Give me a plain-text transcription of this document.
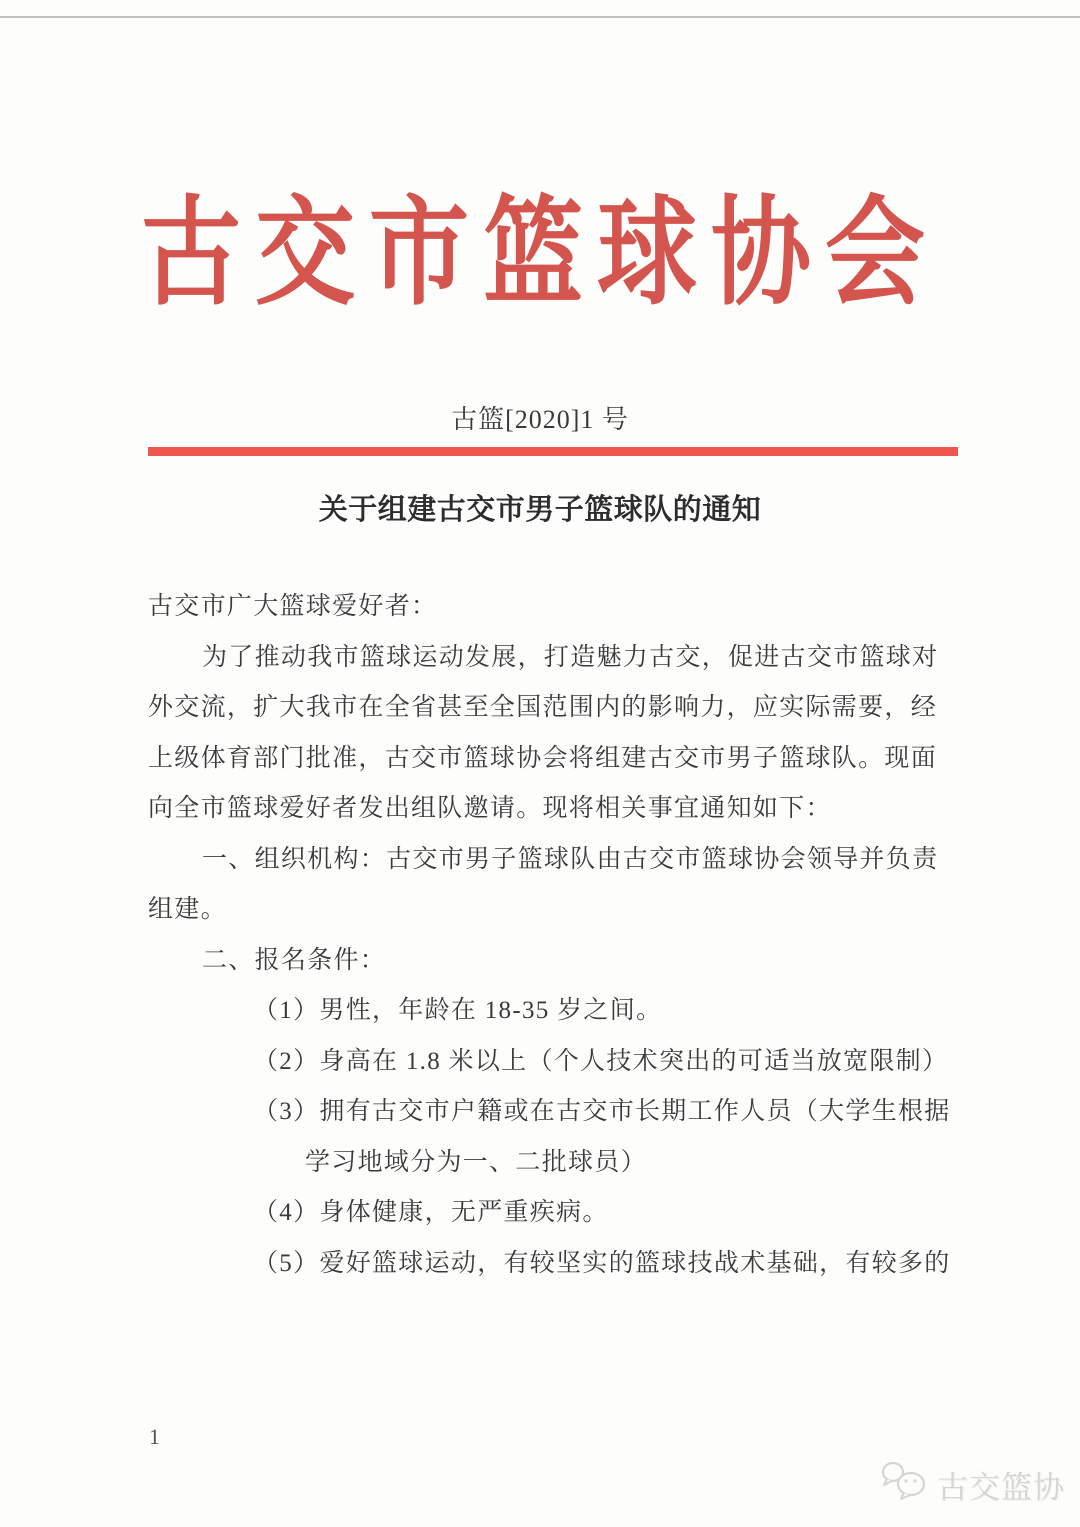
古交市篮球协会
古篮[2020]1 号
关于组建古交市男子篮球队的通知
古交市广大篮球爱好者：
为了推动我市篮球运动发展，打造魅力古交，促进古交市篮球对
外交流，扩大我市在全省甚至全国范围内的影响力，应实际需要，经
上级体育部门批准，古交市篮球协会将组建古交市男子篮球队。现面
向全市篮球爱好者发出组队邀请。现将相关事宜通知如下：
一、组织机构：古交市男子篮球队由古交市篮球协会领导并负责
组建。
二、报名条件：
（1）男性，年龄在 18-35 岁之间。
（2）身高在 1.8 米以上（个人技术突出的可适当放宽限制）
（3）拥有古交市户籍或在古交市长期工作人员（大学生根据
学习地域分为一、二批球员）
（4）身体健康，无严重疾病。
（5）爱好篮球运动，有较坚实的篮球技战术基础，有较多的
1
古交篮协
